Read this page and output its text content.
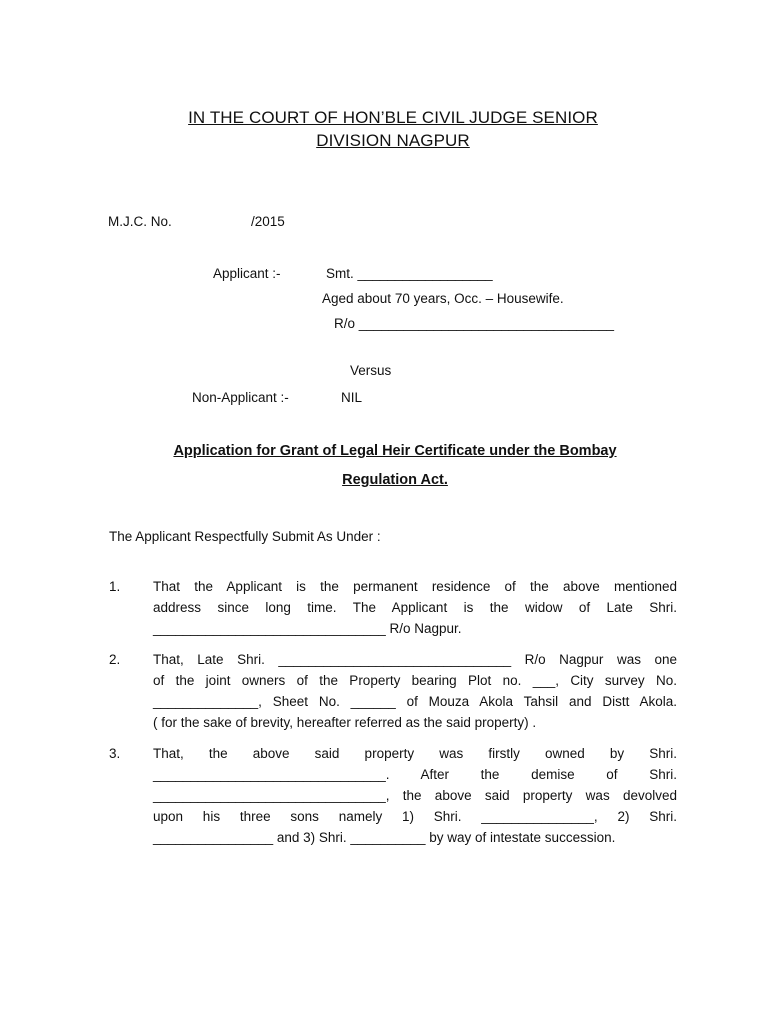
IN THE COURT OF HON’BLE CIVIL JUDGE SENIOR
DIVISION NAGPUR
M.J.C. No.	/2015
Applicant :-	Smt. __________________
Aged about 70 years, Occ. – Housewife.
R/o __________________________________
Versus
Non-Applicant :-	NIL
Application for Grant of Legal Heir Certificate under the Bombay
Regulation Act.
The Applicant Respectfully Submit As Under :
1. That the Applicant is the permanent residence of the above mentioned
address since long time. The Applicant is the widow of Late Shri.
_______________________________ R/o Nagpur.
2. That, Late Shri. _______________________________ R/o Nagpur was one
of the joint owners of the Property bearing Plot no. ___, City survey No.
______________, Sheet No. ______ of Mouza Akola Tahsil and Distt Akola.
( for the sake of brevity, hereafter referred as the said property) .
3. That, the above said property was firstly owned by Shri.
_______________________________. After the demise of Shri.
_______________________________, the above said property was devolved
upon his three sons namely 1) Shri. _______________, 2) Shri.
________________ and 3) Shri. __________ by way of intestate succession.
